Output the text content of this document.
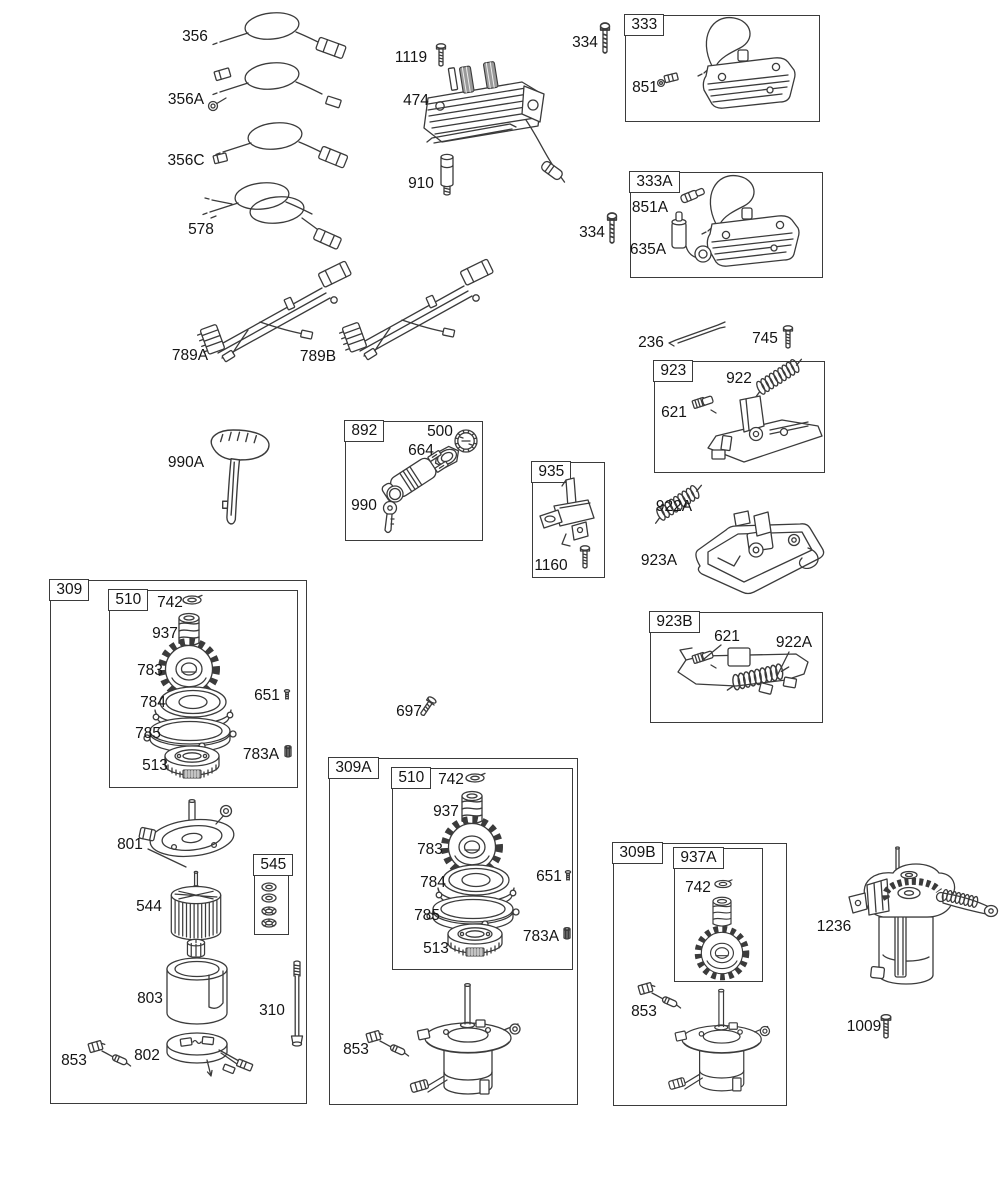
333
333A
923
892
935
923B
309
510
545
309A
510
309B	937A
356
356A
356C
578
1119
474
910
334
851
851A
334
635A
789A	789B
236	745
922
621
990A
500
664
990	922A
1160	923A
621 922A
742
937
783
651
784
785
783A
513
697
801
544
803
310
853	802
742
937
783
651
784
785
783A
513
853
742
853
1236
1009
